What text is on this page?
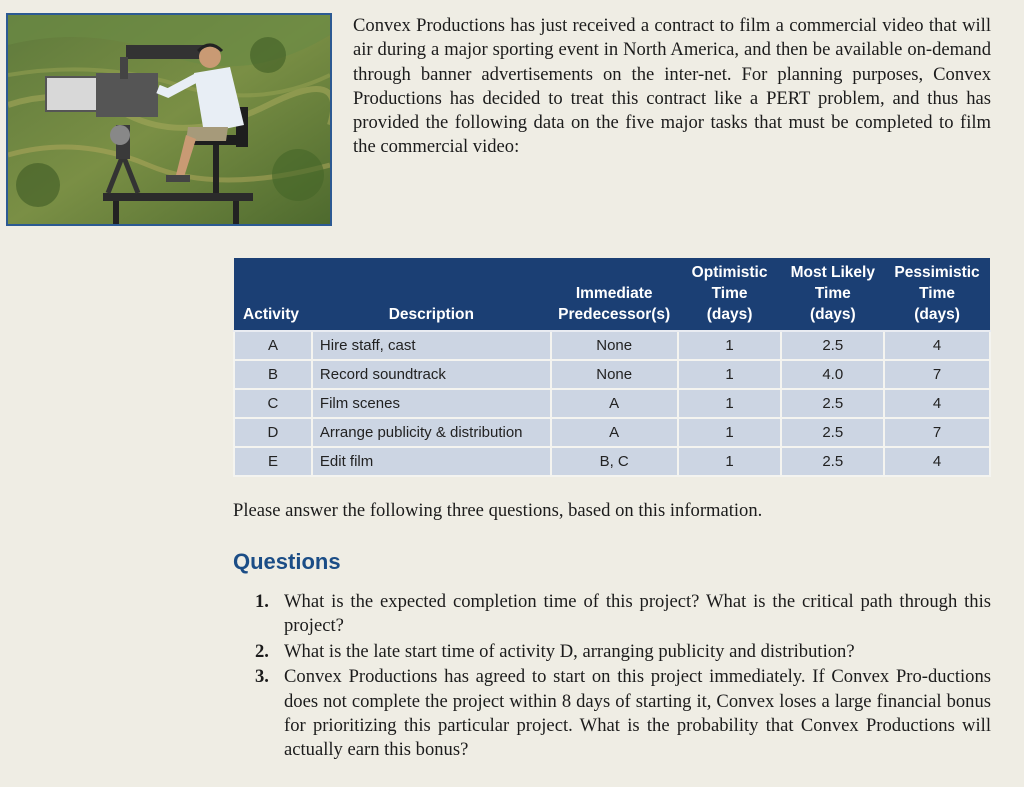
Convex Productions has just received a contract to film a commercial video that will air during a major sporting event in North America, and then be available on-demand through banner advertisements on the inter-net. For planning purposes, Convex Productions has decided to treat this contract like a PERT problem, and thus has provided the following data on the five major tasks that must be completed to film the commercial video:

Activity	Description	Immediate
Predecessor(s)	Optimistic
Time
(days)	Most Likely
Time
(days)	Pessimistic
Time
(days)
A	Hire staff, cast	None	1	2.5	4
B	Record soundtrack	None	1	4.0	7
C	Film scenes	A	1	2.5	4
D	Arrange publicity & distribution	A	1	2.5	7
E	Edit film	B, C	1	2.5	4

Please answer the following three questions, based on this information.

Questions
1. What is the expected completion time of this project? What is the critical path through this project?
2. What is the late start time of activity D, arranging publicity and distribution?
3. Convex Productions has agreed to start on this project immediately. If Convex Pro-ductions does not complete the project within 8 days of starting it, Convex loses a large financial bonus for prioritizing this particular project. What is the probability that Convex Productions will actually earn this bonus?
